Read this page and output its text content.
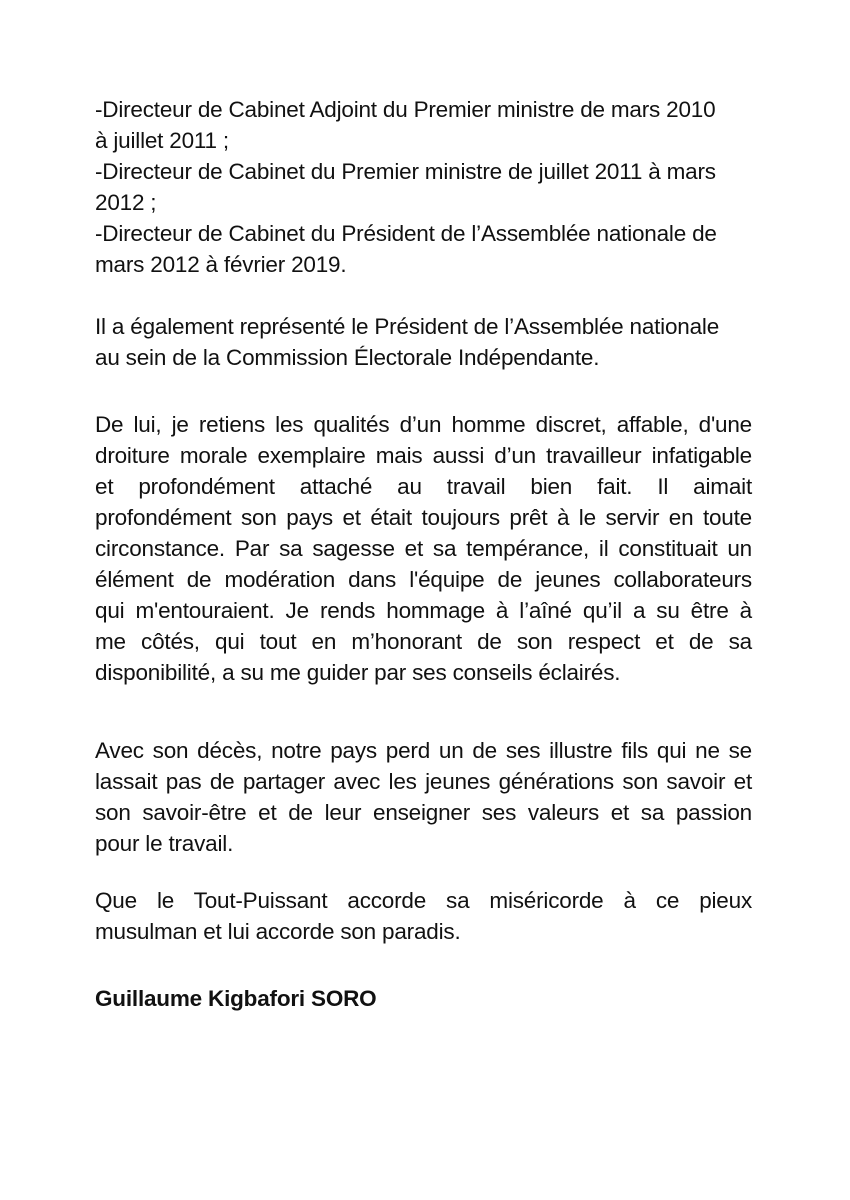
-Directeur de Cabinet Adjoint du Premier ministre de mars 2010
à juillet 2011 ;
-Directeur de Cabinet du Premier ministre de juillet 2011 à mars
2012 ;
-Directeur de Cabinet du Président de l’Assemblée nationale de
mars 2012 à février 2019.
Il a également représenté le Président de l’Assemblée nationale
au sein de la Commission Électorale Indépendante.
De lui, je retiens les qualités d’un homme discret, affable, d'une
droiture morale exemplaire mais aussi d’un travailleur infatigable
et profondément attaché au travail bien fait. Il aimait
profondément son pays et était toujours prêt à le servir en toute
circonstance. Par sa sagesse et sa tempérance, il constituait un
élément de modération dans l'équipe de jeunes collaborateurs
qui m'entouraient. Je rends hommage à l’aîné qu’il a su être à
me côtés, qui tout en m’honorant de son respect et de sa
disponibilité, a su me guider par ses conseils éclairés.
Avec son décès, notre pays perd un de ses illustre fils qui ne se
lassait pas de partager avec les jeunes générations son savoir et
son savoir-être et de leur enseigner ses valeurs et sa passion
pour le travail.
Que le Tout-Puissant accorde sa miséricorde à ce pieux
musulman et lui accorde son paradis.
Guillaume Kigbafori SORO
